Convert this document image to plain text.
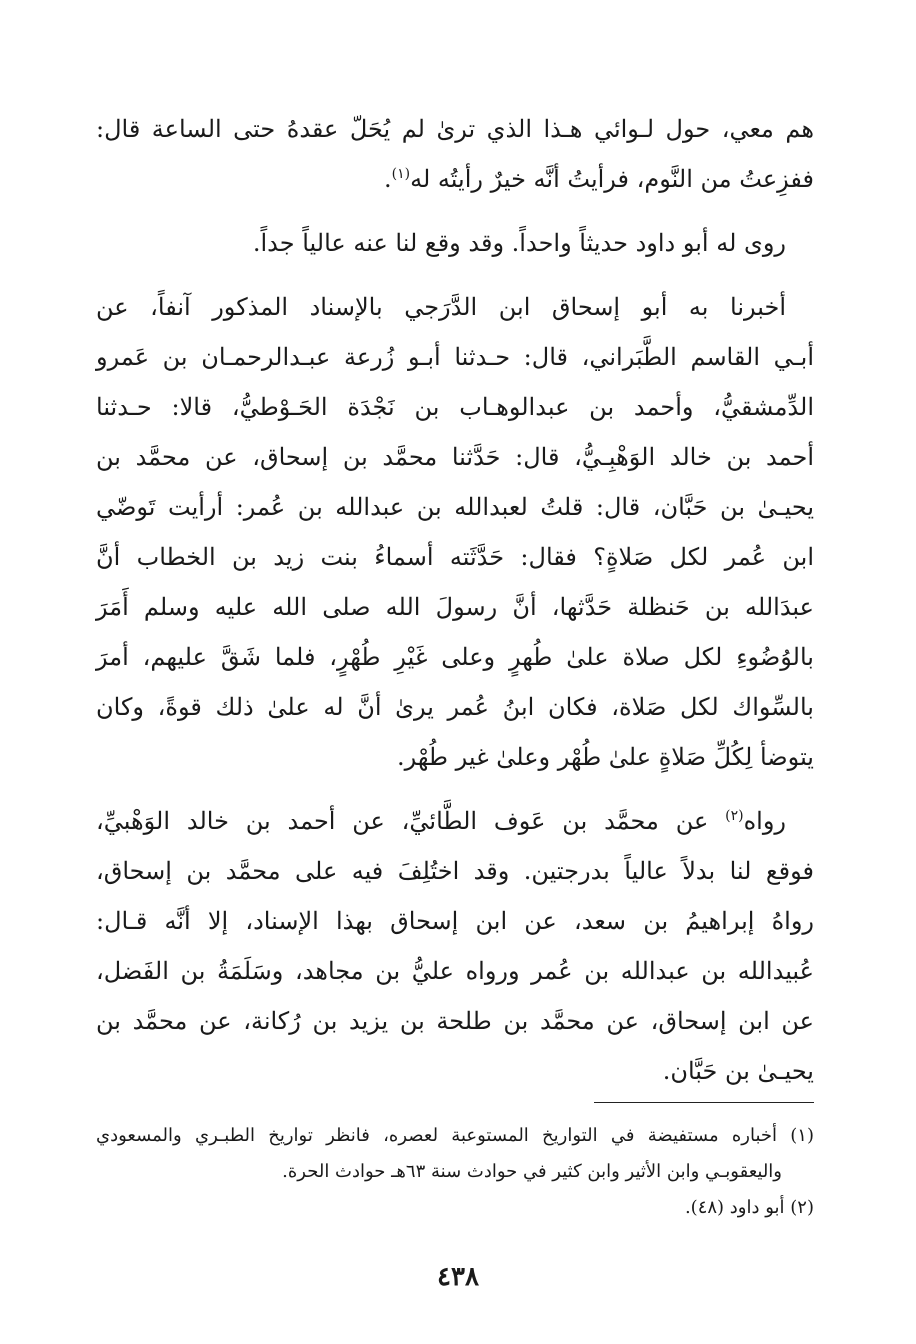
هم معي، حول لـوائي هـذا الذي ترىٰ لم يُحَلّ عقدهُ حتى الساعة قال:
ففزِعتُ من النَّوم، فرأيتُ أنَّه خيرٌ رأيتُه له$^{(١)}$.

روى له أبو داود حديثاً واحداً. وقد وقع لنا عنه عالياً جداً.

أخبرنا به أبو إسحاق ابن الدَّرَجي بالإسناد المذكور آنفاً، عن
أبـي القاسم الطَّبَراني، قال: حـدثنا أبـو زُرعة عبـدالرحمـان بن عَمرو
الدِّمشقيُّ، وأحمد بن عبدالوهـاب بن نَجْدَة الحَـوْطيُّ، قالا: حـدثنا
أحمد بن خالد الوَهْبِـيُّ، قال: حَدَّثنا محمَّد بن إسحاق، عن محمَّد بن
يحيـىٰ بن حَبَّان، قال: قلتُ لعبدالله بن عبدالله بن عُمر: أرأيت تَوضّي
ابن عُمر لكل صَلاةٍ؟ فقال: حَدَّثَته أسماءُ بنت زيد بن الخطاب أنَّ
عبدَالله بن حَنظلة حَدَّثها، أنَّ رسولَ الله صلى الله عليه وسلم أَمَرَ
بالوُضُوءِ لكل صلاة علىٰ طُهرٍ وعلى غَيْرِ طُهْرٍ، فلما شَقَّ عليهم، أمرَ
بالسِّواك لكل صَلاة، فكان ابنُ عُمر يرىٰ أنَّ له علىٰ ذلك قوةً، وكان
يتوضأ لِكُلِّ صَلاةٍ علىٰ طُهْر وعلىٰ غير طُهْر.

رواه$^{(٢)}$ عن محمَّد بن عَوف الطَّائيِّ، عن أحمد بن خالد الوَهْبيِّ،
فوقع لنا بدلاً عالياً بدرجتين. وقد اختُلِفَ فيه على محمَّد بن إسحاق،
رواهُ إبراهيمُ بن سعد، عن ابن إسحاق بهذا الإسناد، إلا أنَّه قـال:
عُبيدالله بن عبدالله بن عُمر ورواه عليُّ بن مجاهد، وسَلَمَةُ بن الفَضل،
عن ابن إسحاق، عن محمَّد بن طلحة بن يزيد بن رُكانة، عن محمَّد بن
يحيـىٰ بن حَبَّان.

(١) أخباره مستفيضة في التواريخ المستوعبة لعصره، فانظر تواريخ الطبـري والمسعودي
واليعقوبـي وابن الأثير وابن كثير في حوادث سنة ٦٣هـ حوادث الحرة.
(٢) أبو داود (٤٨).
٤٣٨
